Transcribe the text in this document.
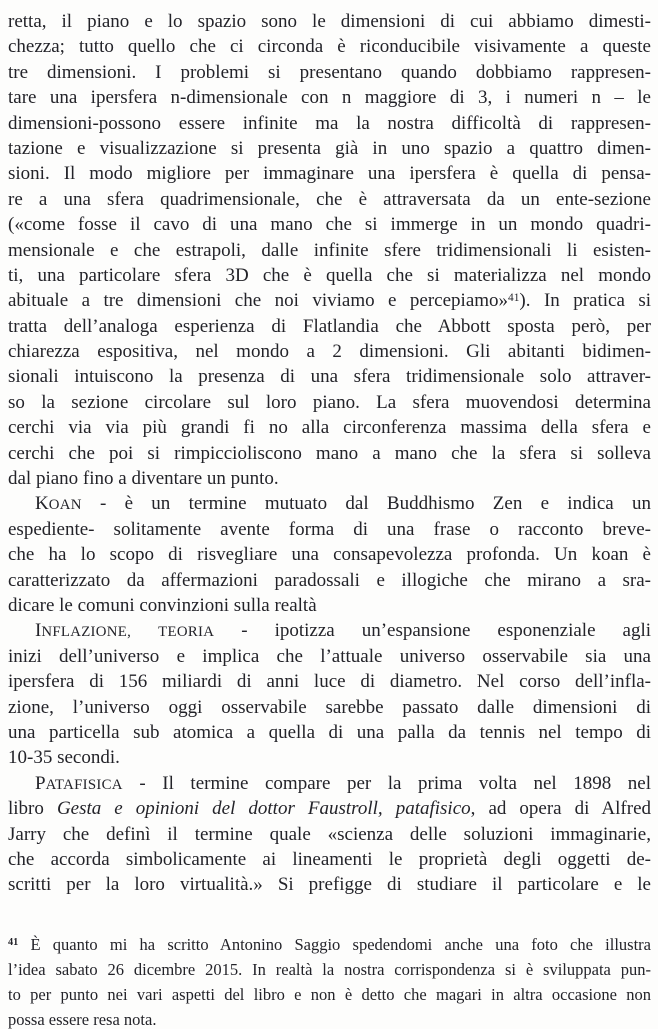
retta, il piano e lo spazio sono le dimensioni di cui abbiamo dimesti-
chezza; tutto quello che ci circonda è riconducibile visivamente a queste
tre dimensioni. I problemi si presentano quando dobbiamo rappresen-
tare una ipersfera n-dimensionale con n maggiore di 3, i numeri n – le
dimensioni-possono essere infinite ma la nostra difficoltà di rappresen-
tazione e visualizzazione si presenta già in uno spazio a quattro dimen-
sioni. Il modo migliore per immaginare una ipersfera è quella di pensa-
re a una sfera quadrimensionale, che è attraversata da un ente-sezione
(«come fosse il cavo di una mano che si immerge in un mondo quadri-
mensionale e che estrapoli, dalle infinite sfere tridimensionali li esisten-
ti, una particolare sfera 3D che è quella che si materializza nel mondo
abituale a tre dimensioni che noi viviamo e percepiamo»$^{41}$). In pratica si
tratta dell’analoga esperienza di Flatlandia che Abbott sposta però, per
chiarezza espositiva, nel mondo a 2 dimensioni. Gli abitanti bidimen-
sionali intuiscono la presenza di una sfera tridimensionale solo attraver-
so la sezione circolare sul loro piano. La sfera muovendosi determina
cerchi via via più grandi fi no alla circonferenza massima della sfera e
cerchi che poi si rimpiccioliscono mano a mano che la sfera si solleva
dal piano fino a diventare un punto.
KOAN - è un termine mutuato dal Buddhismo Zen e indica un
espediente- solitamente avente forma di una frase o racconto breve-
che ha lo scopo di risvegliare una consapevolezza profonda. Un koan è
caratterizzato da affermazioni paradossali e illogiche che mirano a sra-
dicare le comuni convinzioni sulla realtà
INFLAZIONE, TEORIA - ipotizza un’espansione esponenziale agli
inizi dell’universo e implica che l’attuale universo osservabile sia una
ipersfera di 156 miliardi di anni luce di diametro. Nel corso dell’infla-
zione, l’universo oggi osservabile sarebbe passato dalle dimensioni di
una particella sub atomica a quella di una palla da tennis nel tempo di
10-35 secondi.
PATAFISICA - Il termine compare per la prima volta nel 1898 nel
libro Gesta e opinioni del dottor Faustroll, patafisico, ad opera di Alfred
Jarry che definì il termine quale «scienza delle soluzioni immaginarie,
che accorda simbolicamente ai lineamenti le proprietà degli oggetti de-
scritti per la loro virtualità.» Si prefigge di studiare il particolare e le
$^{41}$ È quanto mi ha scritto Antonino Saggio spedendomi anche una foto che illustra
l’idea sabato 26 dicembre 2015. In realtà la nostra corrispondenza si è sviluppata pun-
to per punto nei vari aspetti del libro e non è detto che magari in altra occasione non
possa essere resa nota.
